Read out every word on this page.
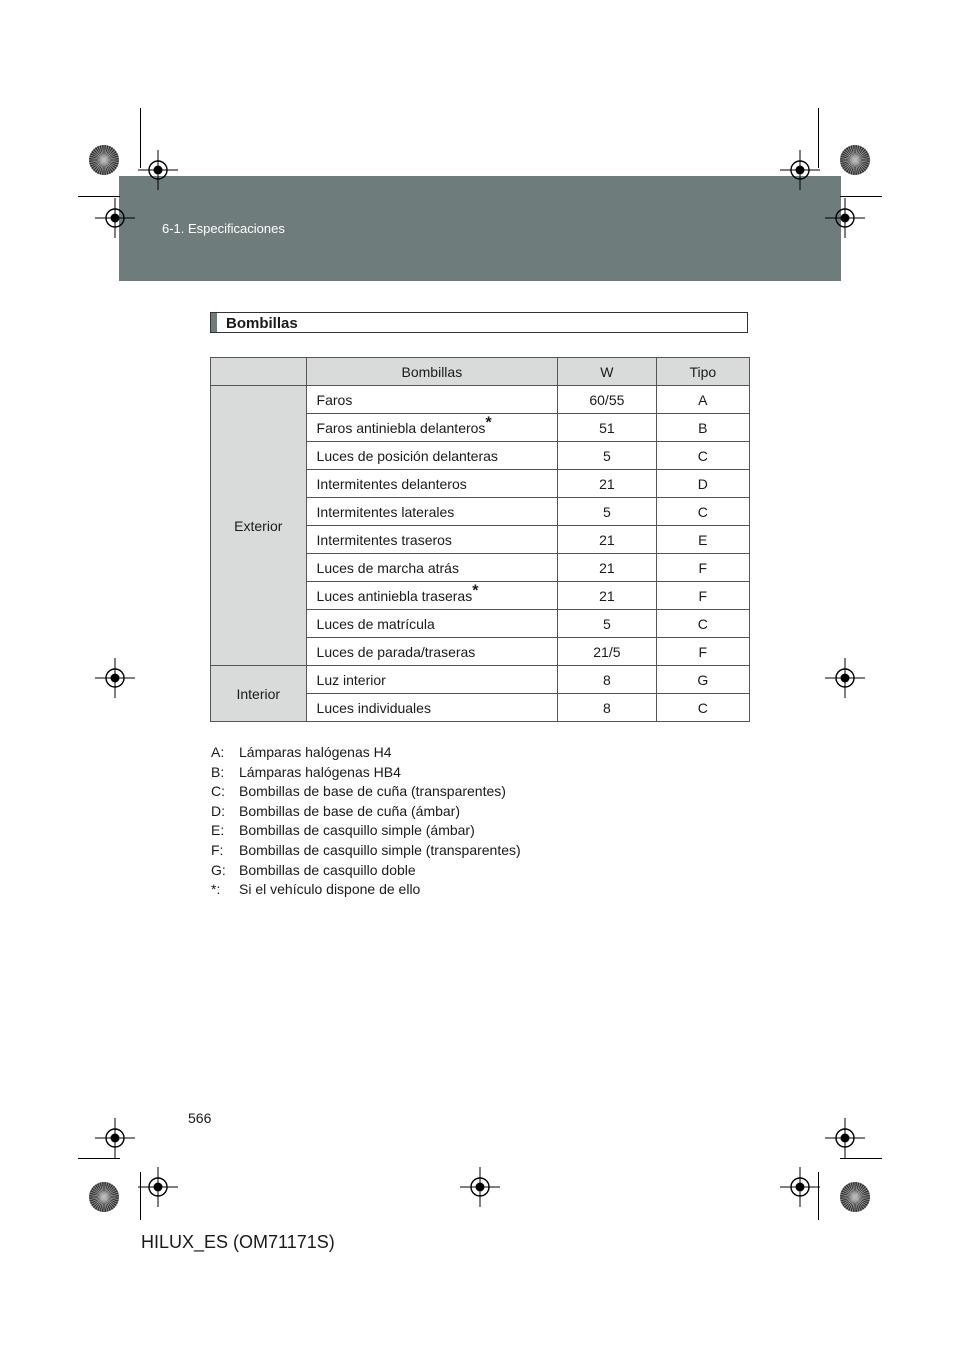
HILUX_ES.book Page 566 Wednesday, March 23, 2011 4:15 PM
6-1. Especificaciones
Bombillas
	Bombillas	W	Tipo
Exterior	Faros	60/55	A
	Faros antiniebla delanteros*	51	B
	Luces de posición delanteras	5	C
	Intermitentes delanteros	21	D
	Intermitentes laterales	5	C
	Intermitentes traseros	21	E
	Luces de marcha atrás	21	F
	Luces antiniebla traseras*	21	F
	Luces de matrícula	5	C
	Luces de parada/traseras	21/5	F
Interior	Luz interior	8	G
	Luces individuales	8	C
A:	Lámparas halógenas H4
B:	Lámparas halógenas HB4
C:	Bombillas de base de cuña (transparentes)
D:	Bombillas de base de cuña (ámbar)
E:	Bombillas de casquillo simple (ámbar)
F:	Bombillas de casquillo simple (transparentes)
G: Bombillas de casquillo doble
*:	Si el vehículo dispone de ello
566
HILUX_ES (OM71171S)
